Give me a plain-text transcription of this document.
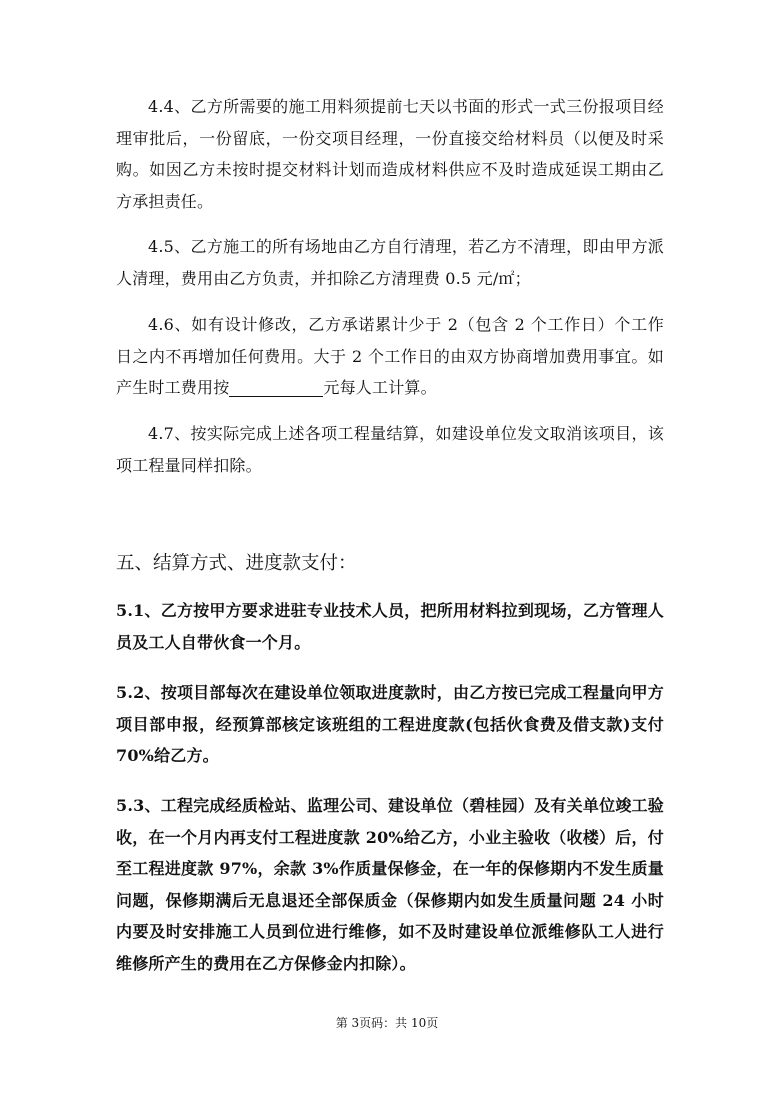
4.4、乙方所需要的施工用料须提前七天以书面的形式一式三份报项目经理审批后，一份留底，一份交项目经理，一份直接交给材料员（以便及时采购。如因乙方未按时提交材料计划而造成材料供应不及时造成延误工期由乙方承担责任。

4.5、乙方施工的所有场地由乙方自行清理，若乙方不清理，即由甲方派人清理，费用由乙方负责，并扣除乙方清理费 0.5 元/㎡；

4.6、如有设计修改，乙方承诺累计少于 2（包含 2 个工作日）个工作日之内不再增加任何费用。大于 2 个工作日的由双方协商增加费用事宜。如产生时工费用按	元每人工计算。

4.7、按实际完成上述各项工程量结算，如建设单位发文取消该项目，该项工程量同样扣除。

五、结算方式、进度款支付：

5.1、乙方按甲方要求进驻专业技术人员，把所用材料拉到现场，乙方管理人员及工人自带伙食一个月。

5.2、按项目部每次在建设单位领取进度款时，由乙方按已完成工程量向甲方项目部申报，经预算部核定该班组的工程进度款(包括伙食费及借支款)支付 70%给乙方。

5.3、工程完成经质检站、监理公司、建设单位（碧桂园）及有关单位竣工验收，在一个月内再支付工程进度款 20%给乙方，小业主验收（收楼）后，付至工程进度款 97%，余款 3%作质量保修金，在一年的保修期内不发生质量问题，保修期满后无息退还全部保质金（保修期内如发生质量问题 24 小时内要及时安排施工人员到位进行维修，如不及时建设单位派维修队工人进行维修所产生的费用在乙方保修金内扣除）。

第 3页码：共 10页
